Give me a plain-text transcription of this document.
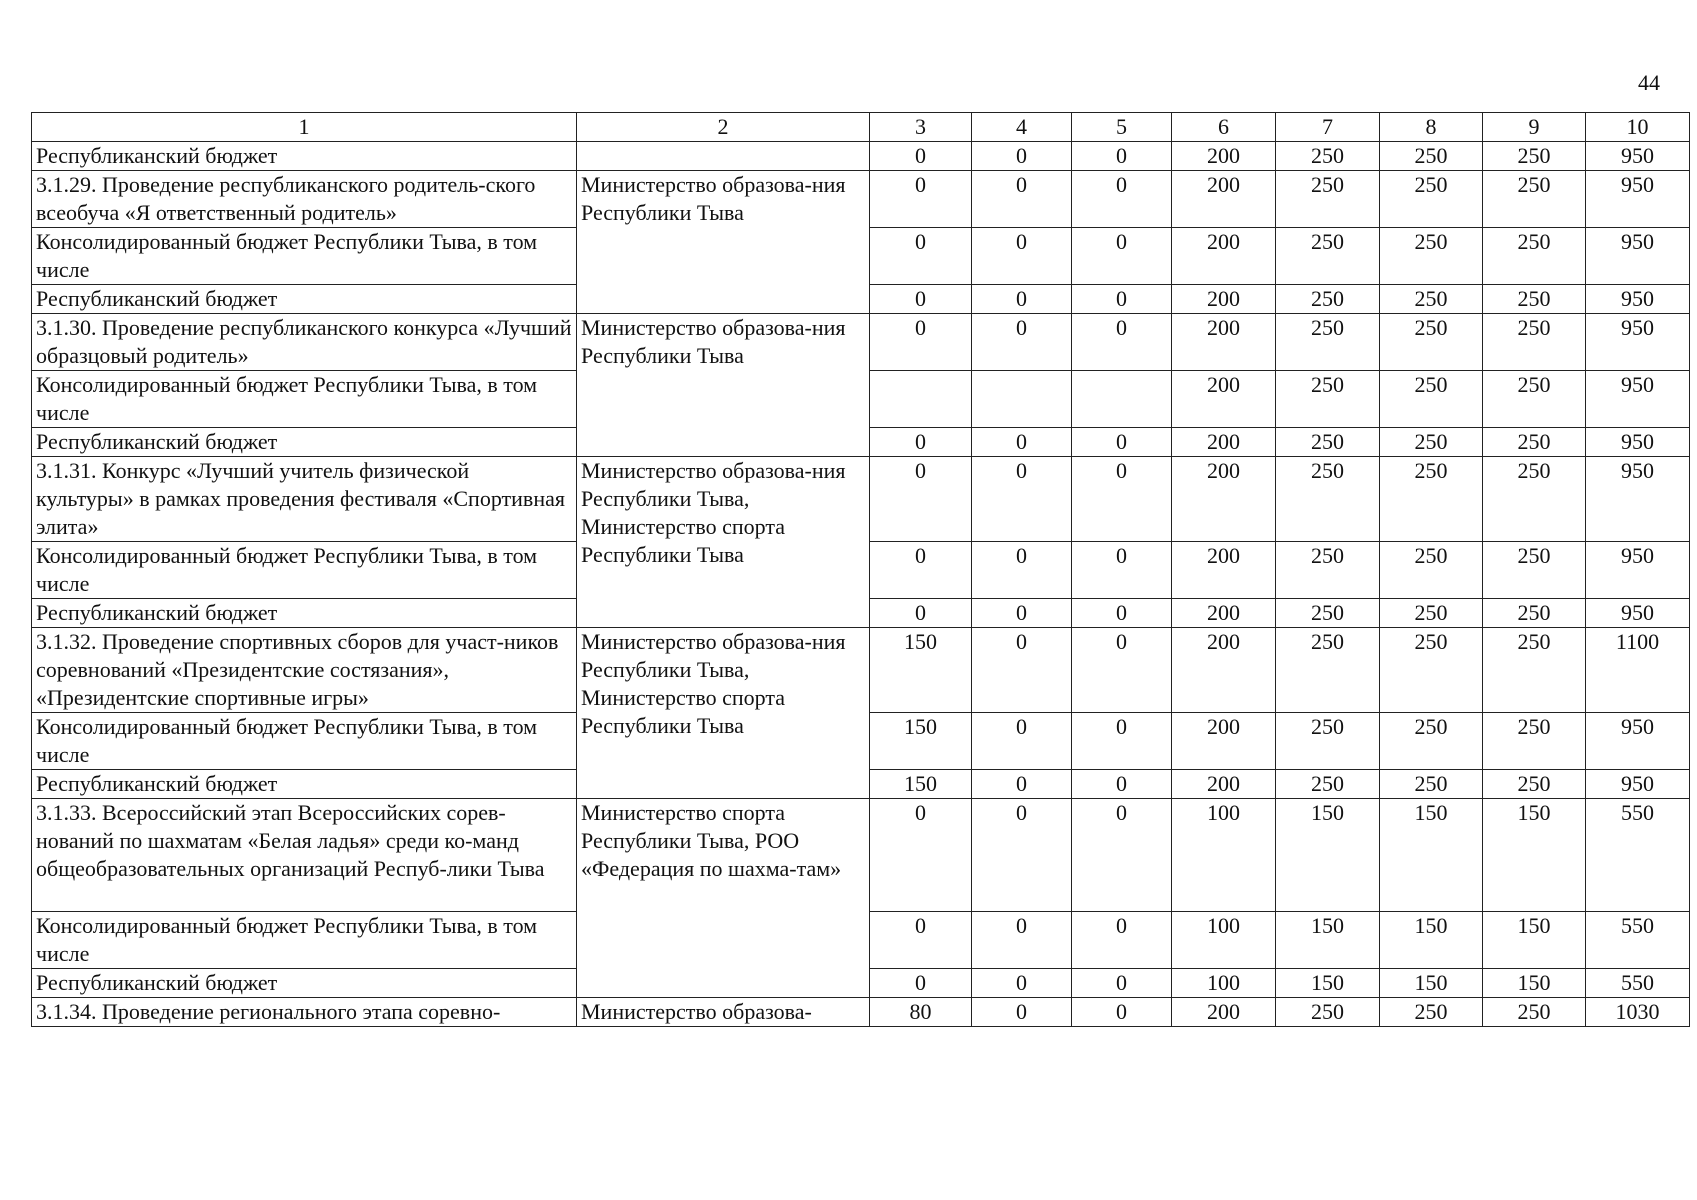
44
1	2	3	4	5	6	7	8	9	10
Республиканский бюджет		0	0	0	200	250	250	250	950
3.1.29. Проведение республиканского родитель-ского всеобуча «Я ответственный родитель»	Министерство образова-ния Республики Тыва	0	0	0	200	250	250	250	950
Консолидированный бюджет Республики Тыва, в том числе		0	0	0	200	250	250	250	950
Республиканский бюджет		0	0	0	200	250	250	250	950
3.1.30. Проведение республиканского конкурса «Лучший образцовый родитель»	Министерство образова-ния Республики Тыва	0	0	0	200	250	250	250	950
Консолидированный бюджет Республики Тыва, в том числе					200	250	250	250	950
Республиканский бюджет		0	0	0	200	250	250	250	950
3.1.31. Конкурс «Лучший учитель физической культуры» в рамках проведения фестиваля «Спортивная элита»	Министерство образова-ния Республики Тыва, Министерство спорта Республики Тыва	0	0	0	200	250	250	250	950
Консолидированный бюджет Республики Тыва, в том числе		0	0	0	200	250	250	250	950
Республиканский бюджет		0	0	0	200	250	250	250	950
3.1.32. Проведение спортивных сборов для участ-ников соревнований «Президентские состязания», «Президентские спортивные игры»	Министерство образова-ния Республики Тыва, Министерство спорта Республики Тыва	150	0	0	200	250	250	250	1100
Консолидированный бюджет Республики Тыва, в том числе		150	0	0	200	250	250	250	950
Республиканский бюджет		150	0	0	200	250	250	250	950
3.1.33. Всероссийский этап Всероссийских сорев-нований по шахматам «Белая ладья» среди ко-манд общеобразовательных организаций Респуб-лики Тыва	Министерство спорта Республики Тыва, РОО «Федерация по шахма-там»	0	0	0	100	150	150	150	550
Консолидированный бюджет Республики Тыва, в том числе		0	0	0	100	150	150	150	550
Республиканский бюджет		0	0	0	100	150	150	150	550
3.1.34. Проведение регионального этапа соревно-	Министерство образова-	80	0	0	200	250	250	250	1030
